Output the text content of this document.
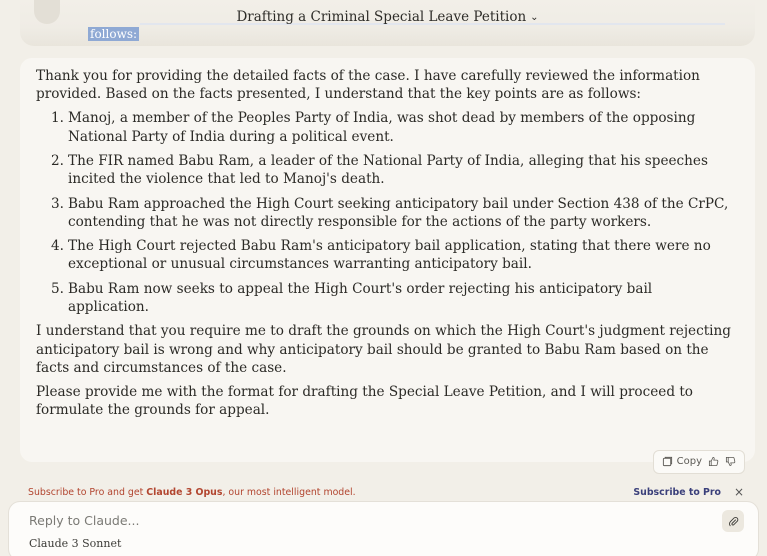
Drafting a Criminal Special Leave Petition ⌄
follows:

Thank you for providing the detailed facts of the case. I have carefully reviewed the information provided. Based on the facts presented, I understand that the key points are as follows:

1. Manoj, a member of the Peoples Party of India, was shot dead by members of the opposing National Party of India during a political event.
2. The FIR named Babu Ram, a leader of the National Party of India, alleging that his speeches incited the violence that led to Manoj's death.
3. Babu Ram approached the High Court seeking anticipatory bail under Section 438 of the CrPC, contending that he was not directly responsible for the actions of the party workers.
4. The High Court rejected Babu Ram's anticipatory bail application, stating that there were no exceptional or unusual circumstances warranting anticipatory bail.
5. Babu Ram now seeks to appeal the High Court's order rejecting his anticipatory bail application.

I understand that you require me to draft the grounds on which the High Court's judgment rejecting anticipatory bail is wrong and why anticipatory bail should be granted to Babu Ram based on the facts and circumstances of the case.

Please provide me with the format for drafting the Special Leave Petition, and I will proceed to formulate the grounds for appeal.

Copy
Subscribe to Pro and get Claude 3 Opus, our most intelligent model.	Subscribe to Pro ×
Reply to Claude...
Claude 3 Sonnet
